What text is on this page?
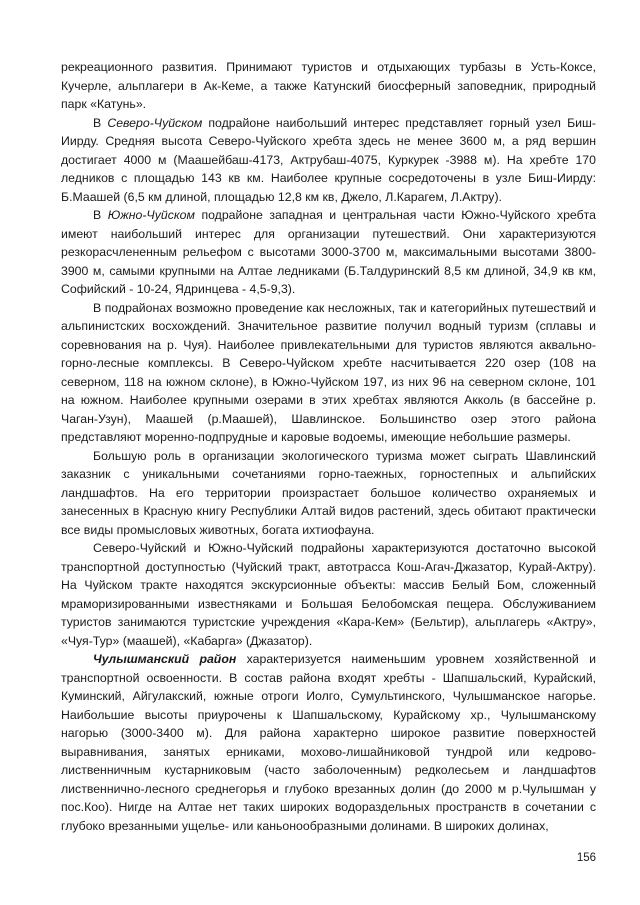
рекреационного развития. Принимают туристов и отдыхающих турбазы в Усть-Коксе, Кучерле, альплагери в Ак-Кеме, а также Катунский биосферный заповедник, природный парк «Катунь».

В Северо-Чуйском подрайоне наибольший интерес представляет горный узел Биш-Иирду. Средняя высота Северо-Чуйского хребта здесь не менее 3600 м, а ряд вершин достигает 4000 м (Маашейбаш-4173, Актрубаш-4075, Куркурек -3988 м). На хребте 170 ледников с площадью 143 кв км. Наиболее крупные сосредоточены в узле Биш-Иирду: Б.Маашей (6,5 км длиной, площадью 12,8 км кв, Джело, Л.Карагем, Л.Актру).

В Южно-Чуйском подрайоне западная и центральная части Южно-Чуйского хребта имеют наибольший интерес для организации путешествий. Они характеризуются резкорасчлененным рельефом с высотами 3000-3700 м, максимальными высотами 3800-3900 м, самыми крупными на Алтае ледниками (Б.Талдуринский 8,5 км длиной, 34,9 кв км, Софийский - 10-24, Ядринцева - 4,5-9,3).

В подрайонах возможно проведение как несложных, так и категорийных путешествий и альпинистских восхождений. Значительное развитие получил водный туризм (сплавы и соревнования на р. Чуя). Наиболее привлекательными для туристов являются аквально-горно-лесные комплексы. В Северо-Чуйском хребте насчитывается 220 озер (108 на северном, 118 на южном склоне), в Южно-Чуйском 197, из них 96 на северном склоне, 101 на южном. Наиболее крупными озерами в этих хребтах являются Акколь (в бассейне р. Чаган-Узун), Маашей (р.Маашей), Шавлинское. Большинство озер этого района представляют моренно-подпрудные и каровые водоемы, имеющие небольшие размеры.

Большую роль в организации экологического туризма может сыграть Шавлинский заказник с уникальными сочетаниями горно-таежных, горностепных и альпийских ландшафтов. На его территории произрастает большое количество охраняемых и занесенных в Красную книгу Республики Алтай видов растений, здесь обитают практически все виды промысловых животных, богата ихтиофауна.

Северо-Чуйский и Южно-Чуйский подрайоны характеризуются достаточно высокой транспортной доступностью (Чуйский тракт, автотрасса Кош-Агач-Джазатор, Курай-Актру). На Чуйском тракте находятся экскурсионные объекты: массив Белый Бом, сложенный мраморизированными известняками и Большая Белобомская пещера. Обслуживанием туристов занимаются туристские учреждения «Кара-Кем» (Бельтир), альплагерь «Актру», «Чуя-Тур» (маашей), «Кабарга» (Джазатор).

Чулышманский район характеризуется наименьшим уровнем хозяйственной и транспортной освоенности. В состав района входят хребты - Шапшальский, Курайский, Куминский, Айгулакский, южные отроги Иолго, Сумультинского, Чулышманское нагорье. Наибольшие высоты приурочены к Шапшальскому, Курайскому хр., Чулышманскому нагорью (3000-3400 м). Для района характерно широкое развитие поверхностей выравнивания, занятых ерниками, мохово-лишайниковой тундрой или кедрово-лиственничным кустарниковым (часто заболоченным) редколесьем и ландшафтов лиственнично-лесного среднегорья и глубоко врезанных долин (до 2000 м р.Чулышман у пос.Коо). Нигде на Алтае нет таких широких водораздельных пространств в сочетании с глубоко врезанными ущелье- или каньонообразными долинами. В широких долинах,

156
